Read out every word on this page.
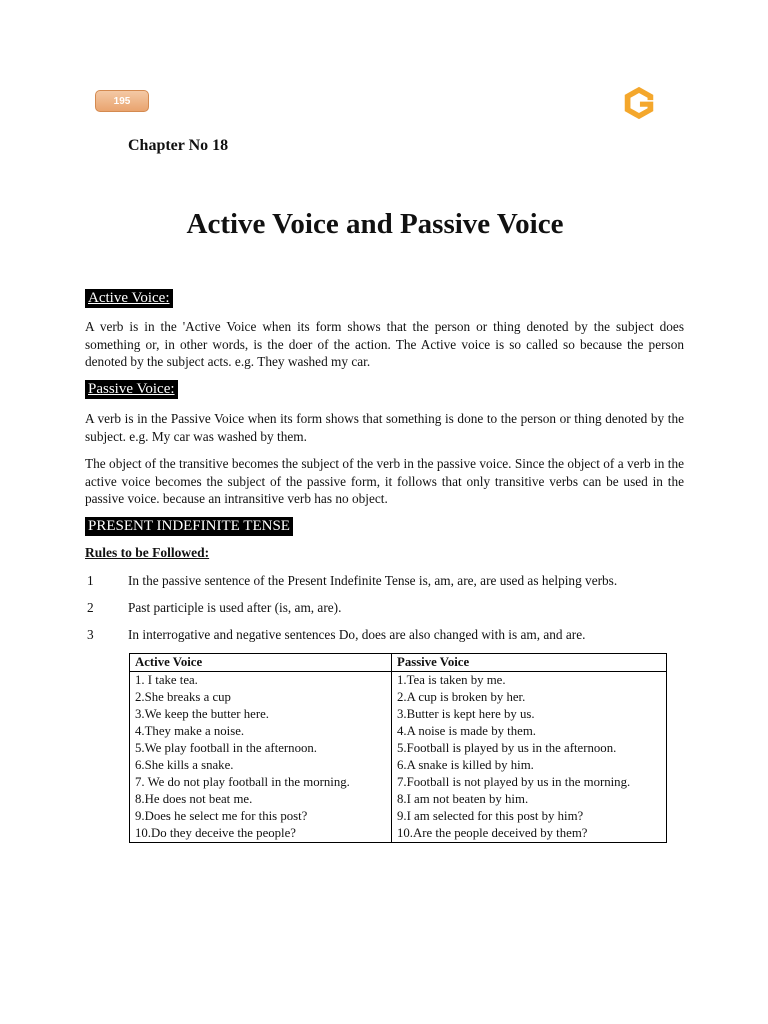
195
Chapter No 18
Active Voice and Passive Voice
Active Voice:
A verb is in the 'Active Voice when its form shows that the person or thing denoted by the subject does something or, in other words, is the doer of the action. The Active voice is so called so because the person denoted by the subject acts. e.g. They washed my car.
Passive Voice:
A verb is in the Passive Voice when its form shows that something is done to the person or thing denoted by the subject. e.g. My car was washed by them.
The object of the transitive becomes the subject of the verb in the passive voice. Since the object of a verb in the active voice becomes the subject of the passive form, it follows that only transitive verbs can be used in the passive voice. because an intransitive verb has no object.
PRESENT INDEFINITE TENSE
Rules to be Followed:
1	In the passive sentence of the Present Indefinite Tense is, am, are, are used as helping verbs.
2	Past participle is used after (is, am, are).
3	In interrogative and negative sentences Do, does are also changed with is am, and are.
Active Voice	Passive Voice
1. I take tea.	1.Tea is taken by me.
2.She breaks a cup	2.A cup is broken by her.
3.We keep the butter here.	3.Butter is kept here by us.
4.They make a noise.	4.A noise is made by them.
5.We play football in the afternoon.	5.Football is played by us in the afternoon.
6.She kills a snake.	6.A snake is killed by him.
7. We do not play football in the morning.	7.Football is not played by us in the morning.
8.He does not beat me.	8.I am not beaten by him.
9.Does he select me for this post?	9.I am selected for this post by him?
10.Do they deceive the people?	10.Are the people deceived by them?
